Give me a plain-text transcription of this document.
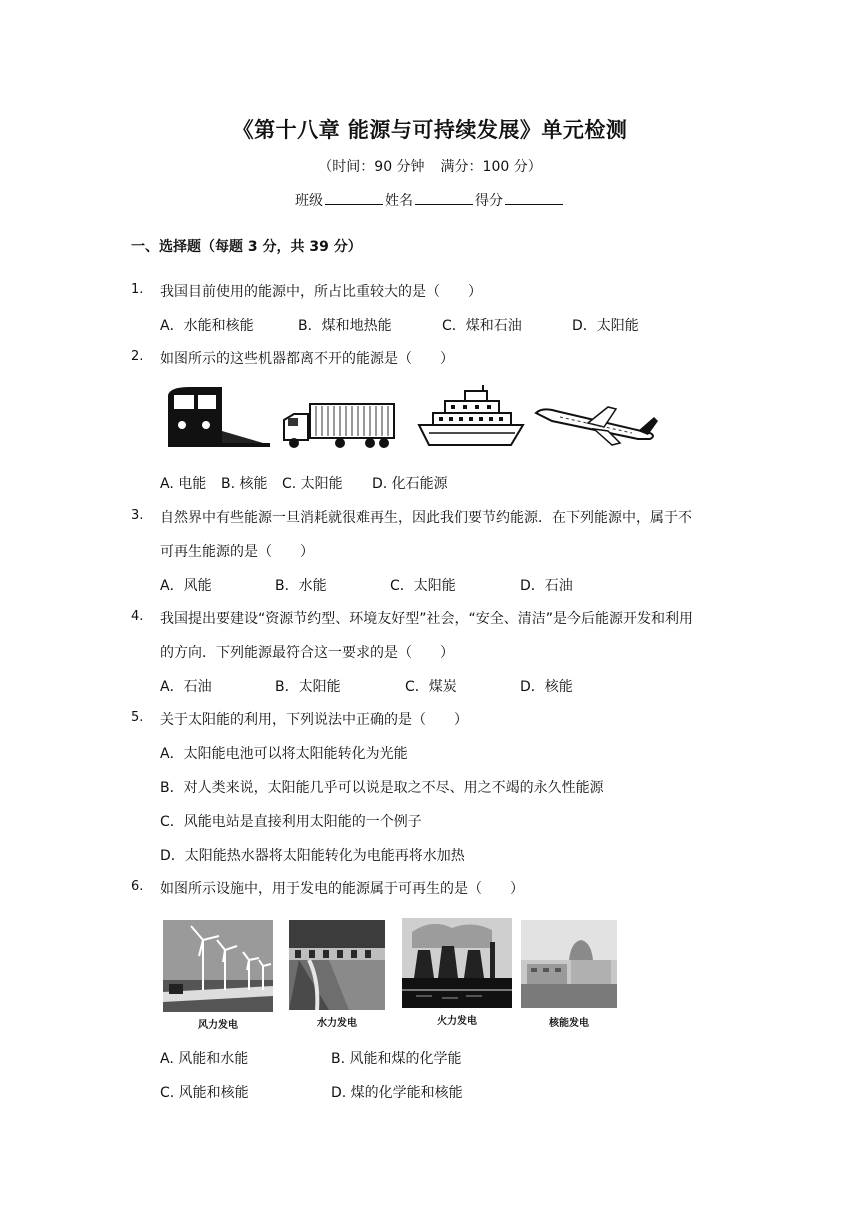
《第十八章 能源与可持续发展》单元检测
（时间：90 分钟 满分：100 分）
班级	姓名	得分
一、选择题（每题 3 分，共 39 分）
1. 我国目前使用的能源中，所占比重较大的是（　　）
A．水能和核能	B．煤和地热能	C．煤和石油	D．太阳能
2. 如图所示的这些机器都离不开的能源是（　　）
A. 电能 B. 核能 C. 太阳能 D. 化石能源
3. 自然界中有些能源一旦消耗就很难再生，因此我们要节约能源．在下列能源中，属于不
可再生能源的是（　　）
A．风能	B．水能	C．太阳能	D．石油
4. 我国提出要建设“资源节约型、环境友好型”社会，“安全、清洁”是今后能源开发和利用
的方向．下列能源最符合这一要求的是（　　）
A．石油	B．太阳能	C．煤炭	D．核能
5. 关于太阳能的利用，下列说法中正确的是（　　）
A．太阳能电池可以将太阳能转化为光能
B．对人类来说，太阳能几乎可以说是取之不尽、用之不竭的永久性能源
C．风能电站是直接利用太阳能的一个例子
D．太阳能热水器将太阳能转化为电能再将水加热
6. 如图所示设施中，用于发电的能源属于可再生的是（　　）
风力发电	水力发电	火力发电	核能发电
A. 风能和水能	B. 风能和煤的化学能
C. 风能和核能	D. 煤的化学能和核能
